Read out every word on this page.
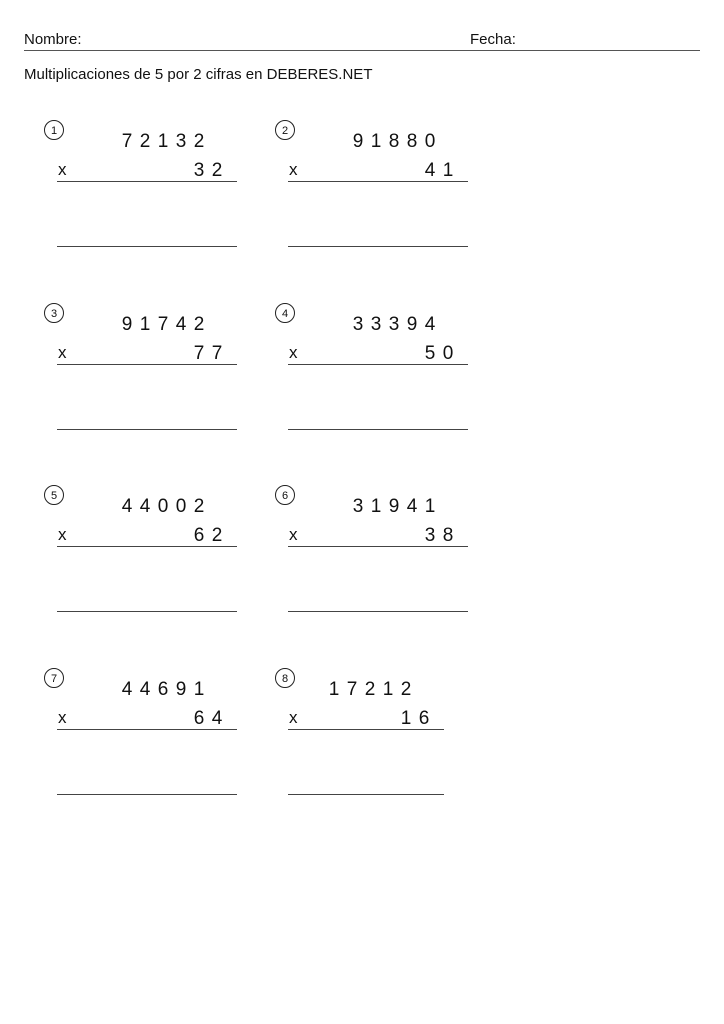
Nombre:	Fecha:
Multiplicaciones de 5 por 2 cifras en DEBERES.NET
1	7 2 1 3 2
x	3 2
2	9 1 8 8 0
x	4 1
3	9 1 7 4 2
x	7 7
4	3 3 3 9 4
x	5 0
5	4 4 0 0 2
x	6 2
6	3 1 9 4 1
x	3 8
7	4 4 6 9 1
x	6 4
8	1 7 2 1 2
x	1 6
